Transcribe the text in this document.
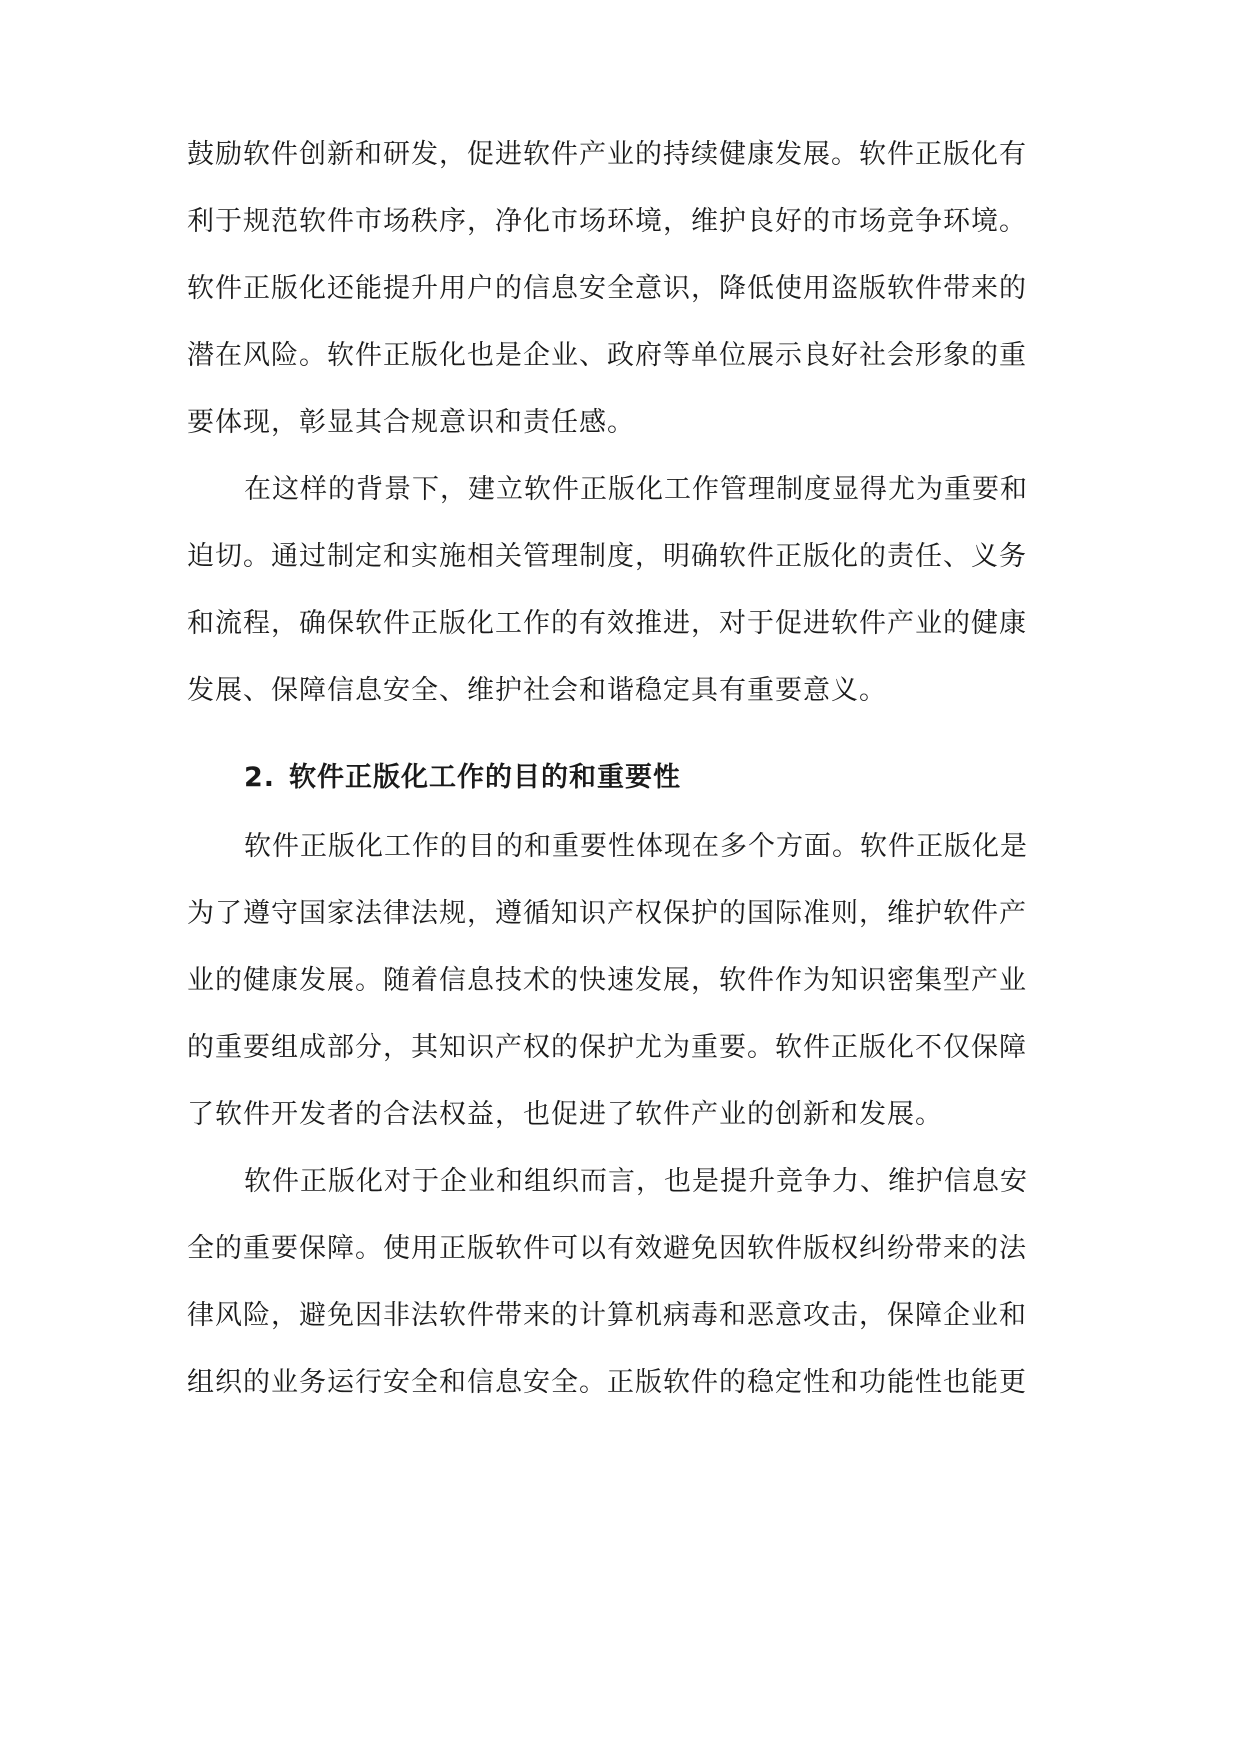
鼓励软件创新和研发，促进软件产业的持续健康发展。软件正版化有
利于规范软件市场秩序，净化市场环境，维护良好的市场竞争环境。
软件正版化还能提升用户的信息安全意识，降低使用盗版软件带来的
潜在风险。软件正版化也是企业、政府等单位展示良好社会形象的重
要体现，彰显其合规意识和责任感。
在这样的背景下，建立软件正版化工作管理制度显得尤为重要和
迫切。通过制定和实施相关管理制度，明确软件正版化的责任、义务
和流程，确保软件正版化工作的有效推进，对于促进软件产业的健康
发展、保障信息安全、维护社会和谐稳定具有重要意义。
2. 软件正版化工作的目的和重要性
软件正版化工作的目的和重要性体现在多个方面。软件正版化是
为了遵守国家法律法规，遵循知识产权保护的国际准则，维护软件产
业的健康发展。随着信息技术的快速发展，软件作为知识密集型产业
的重要组成部分，其知识产权的保护尤为重要。软件正版化不仅保障
了软件开发者的合法权益，也促进了软件产业的创新和发展。
软件正版化对于企业和组织而言，也是提升竞争力、维护信息安
全的重要保障。使用正版软件可以有效避免因软件版权纠纷带来的法
律风险，避免因非法软件带来的计算机病毒和恶意攻击，保障企业和
组织的业务运行安全和信息安全。正版软件的稳定性和功能性也能更
